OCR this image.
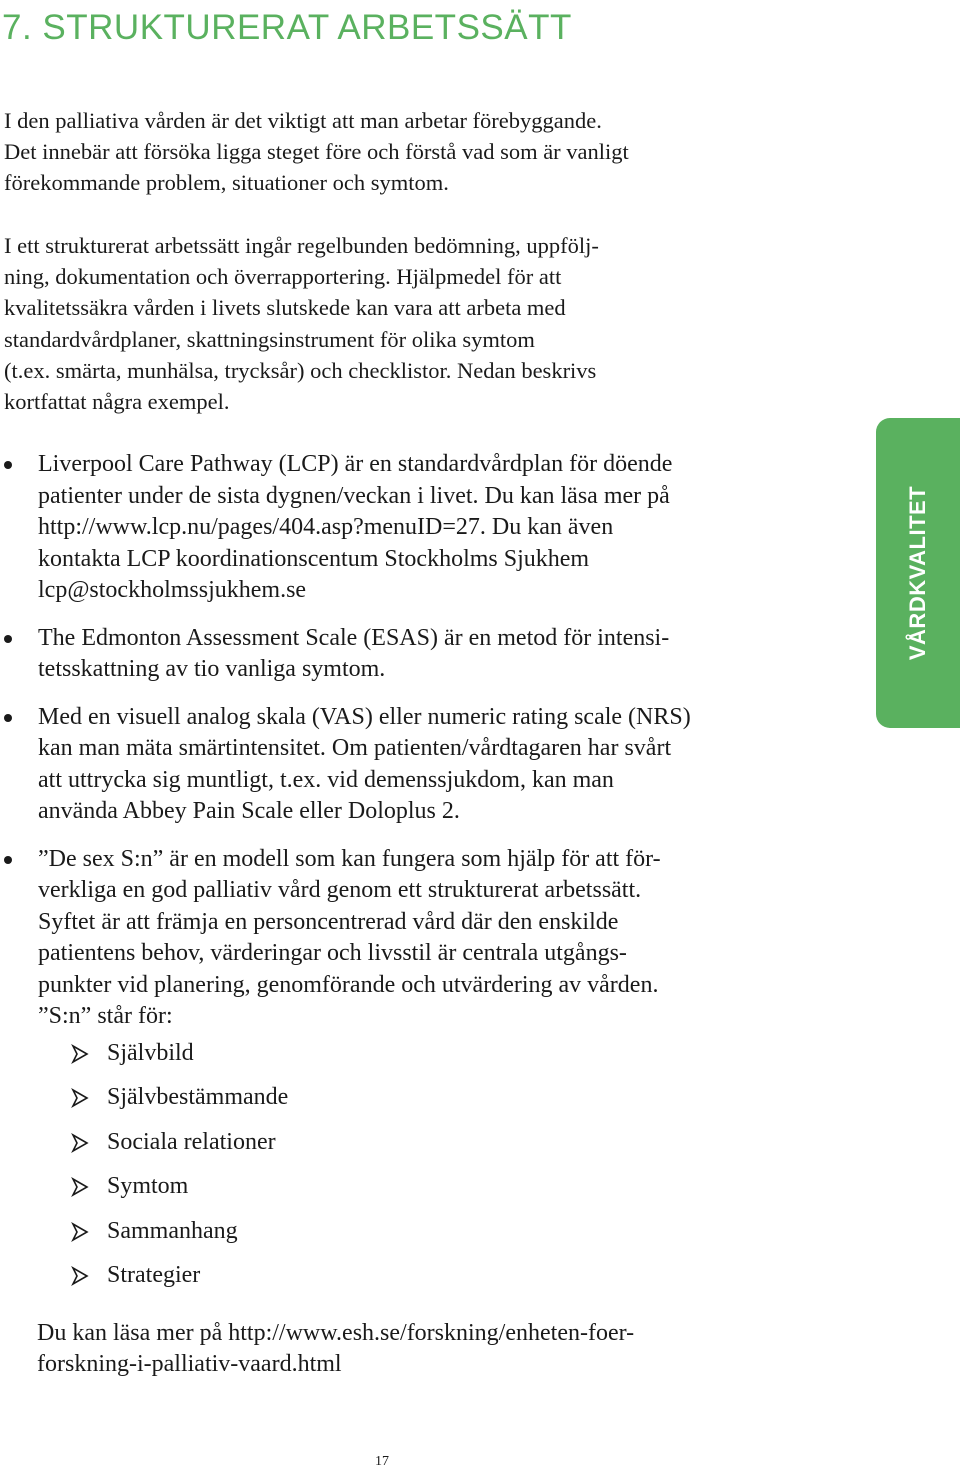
7. STRUKTURERAT ARBETSSÄTT

I den palliativa vården är det viktigt att man arbetar förebyggande.
Det innebär att försöka ligga steget före och förstå vad som är vanligt
förekommande problem, situationer och symtom.

I ett strukturerat arbetssätt ingår regelbunden bedömning, uppfölj-
ning, dokumentation och överrapportering. Hjälpmedel för att
kvalitetssäkra vården i livets slutskede kan vara att arbeta med
standardvårdplaner, skattningsinstrument för olika symtom
(t.ex. smärta, munhälsa, trycksår) och checklistor. Nedan beskrivs
kortfattat några exempel.

Liverpool Care Pathway (LCP) är en standardvårdplan för döende
patienter under de sista dygnen/veckan i livet. Du kan läsa mer på
http://www.lcp.nu/pages/404.asp?menuID=27. Du kan även
kontakta LCP koordinationscentum Stockholms Sjukhem
lcp@stockholmssjukhem.se
The Edmonton Assessment Scale (ESAS) är en metod för intensi-
tetsskattning av tio vanliga symtom.
Med en visuell analog skala (VAS) eller numeric rating scale (NRS)
kan man mäta smärtintensitet. Om patienten/vårdtagaren har svårt
att uttrycka sig muntligt, t.ex. vid demenssjukdom, kan man
använda Abbey Pain Scale eller Doloplus 2.
”De sex S:n” är en modell som kan fungera som hjälp för att för-
verkliga en god palliativ vård genom ett strukturerat arbetssätt.
Syftet är att främja en personcentrerad vård där den enskilde
patientens behov, värderingar och livsstil är centrala utgångs-
punkter vid planering, genomförande och utvärdering av vården.
”S:n” står för:
Självbild
Självbestämmande
Sociala relationer
Symtom
Sammanhang
Strategier

Du kan läsa mer på http://www.esh.se/forskning/enheten-foer-
forskning-i-palliativ-vaard.html

VÅRDKVALITET
17
